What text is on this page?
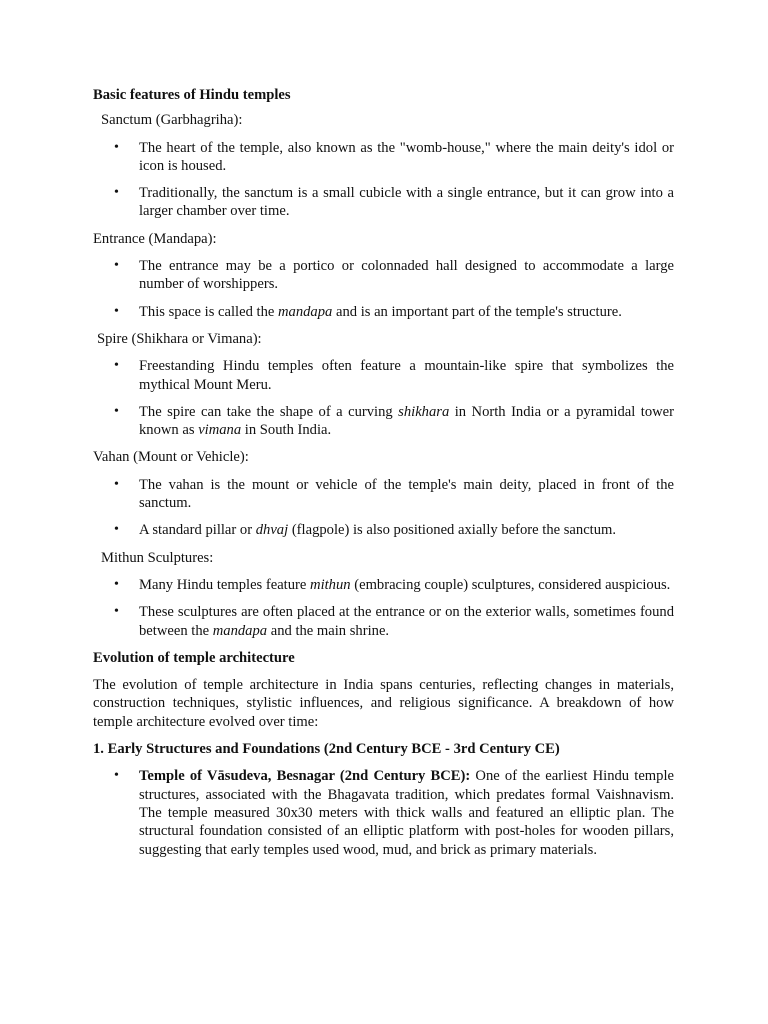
Basic features of Hindu temples
Sanctum (Garbhagriha):
• The heart of the temple, also known as the "womb-house," where the main deity's idol or icon is housed.
• Traditionally, the sanctum is a small cubicle with a single entrance, but it can grow into a larger chamber over time.
Entrance (Mandapa):
• The entrance may be a portico or colonnaded hall designed to accommodate a large number of worshippers.
• This space is called the mandapa and is an important part of the temple's structure.
Spire (Shikhara or Vimana):
• Freestanding Hindu temples often feature a mountain-like spire that symbolizes the mythical Mount Meru.
• The spire can take the shape of a curving shikhara in North India or a pyramidal tower known as vimana in South India.
Vahan (Mount or Vehicle):
• The vahan is the mount or vehicle of the temple's main deity, placed in front of the sanctum.
• A standard pillar or dhvaj (flagpole) is also positioned axially before the sanctum.
Mithun Sculptures:
• Many Hindu temples feature mithun (embracing couple) sculptures, considered auspicious.
• These sculptures are often placed at the entrance or on the exterior walls, sometimes found between the mandapa and the main shrine.
Evolution of temple architecture

The evolution of temple architecture in India spans centuries, reflecting changes in materials, construction techniques, stylistic influences, and religious significance. A breakdown of how temple architecture evolved over time:

1. Early Structures and Foundations (2nd Century BCE - 3rd Century CE)
• Temple of Vāsudeva, Besnagar (2nd Century BCE): One of the earliest Hindu temple structures, associated with the Bhagavata tradition, which predates formal Vaishnavism. The temple measured 30x30 meters with thick walls and featured an elliptic plan. The structural foundation consisted of an elliptic platform with post-holes for wooden pillars, suggesting that early temples used wood, mud, and brick as primary materials.
